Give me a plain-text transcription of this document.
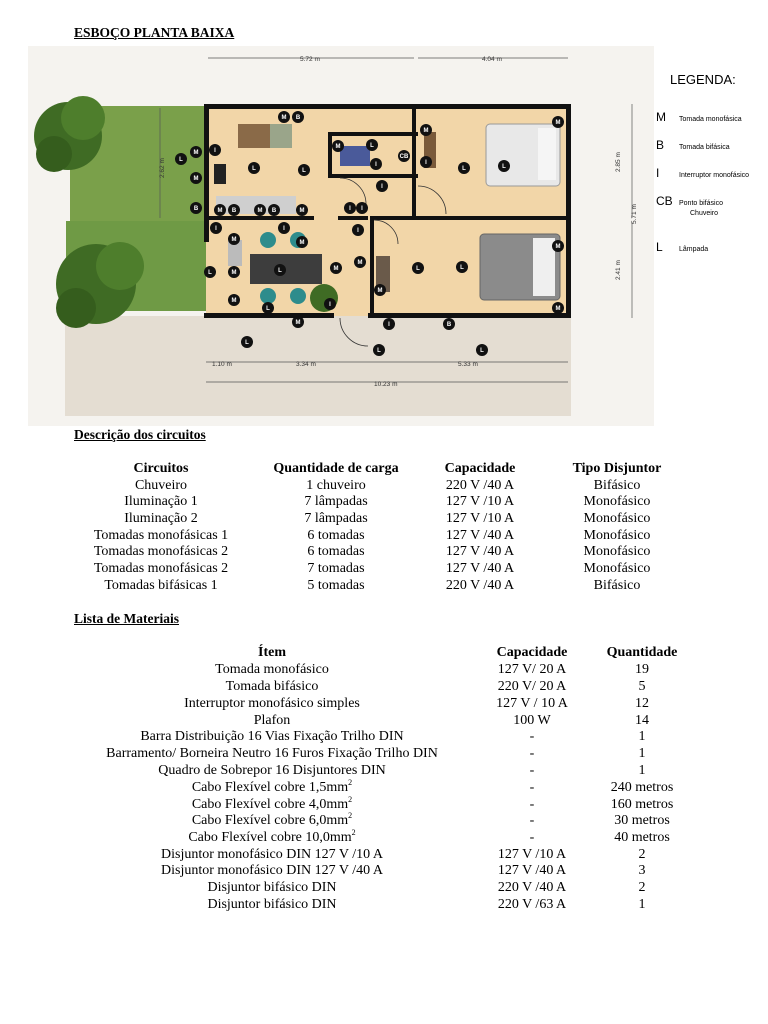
ESBOÇO PLANTA BAIXA
5.72 m	4.04 m
2.62 m	2.85 m
2.41 m
5.71 m
1.10 m	3.34 m	5.33 m
10.23 m
M B
L
M	I
M
B	M B	M B	M
L	L
M	L
I
CB
I
M
I
L	L
M
I I
I
M
I
M
L	M	L	M
M
L
I
M
I
M
M
L	L
M
M
I	B
L
L	L
LEGENDA:
M Tomada monofásica
B Tomada bifásica
I	Interruptor monofásico
CB Ponto bifásico
Chuveiro
L Lâmpada
Descrição dos circuitos
Circuitos	Quantidade de carga	Capacidade	Tipo Disjuntor
Chuveiro	1 chuveiro	220 V /40 A	Bifásico
Iluminação 1	7 lâmpadas	127 V /10 A	Monofásico
Iluminação 2	7 lâmpadas	127 V /10 A	Monofásico
Tomadas monofásicas 1	6 tomadas	127 V /40 A	Monofásico
Tomadas monofásicas 2	6 tomadas	127 V /40 A	Monofásico
Tomadas monofásicas 2	7 tomadas	127 V /40 A	Monofásico
Tomadas bifásicas 1	5 tomadas	220 V /40 A	Bifásico
Lista de Materiais
Ítem	Capacidade	Quantidade
Tomada monofásico	127 V/ 20 A	19
Tomada bifásico	220 V/ 20 A	5
Interruptor monofásico simples	127 V / 10 A	12
Plafon	100 W	14
Barra Distribuição 16 Vias Fixação Trilho DIN	-	1
Barramento/ Borneira Neutro 16 Furos Fixação Trilho DIN	-	1
Quadro de Sobrepor 16 Disjuntores DIN	-	1
Cabo Flexível cobre $1,5mm^2$	-	240 metros
Cabo Flexível cobre $4,0mm^2$	-	160 metros
Cabo Flexível cobre $6,0mm^2$	-	30 metros
Cabo Flexível cobre $10,0mm^2$	-	40 metros
Disjuntor monofásico DIN 127 V /10 A	127 V /10 A	2
Disjuntor monofásico DIN 127 V /40 A	127 V /40 A	3
Disjuntor bifásico DIN	220 V /40 A	2
Disjuntor bifásico DIN	220 V /63 A	1
